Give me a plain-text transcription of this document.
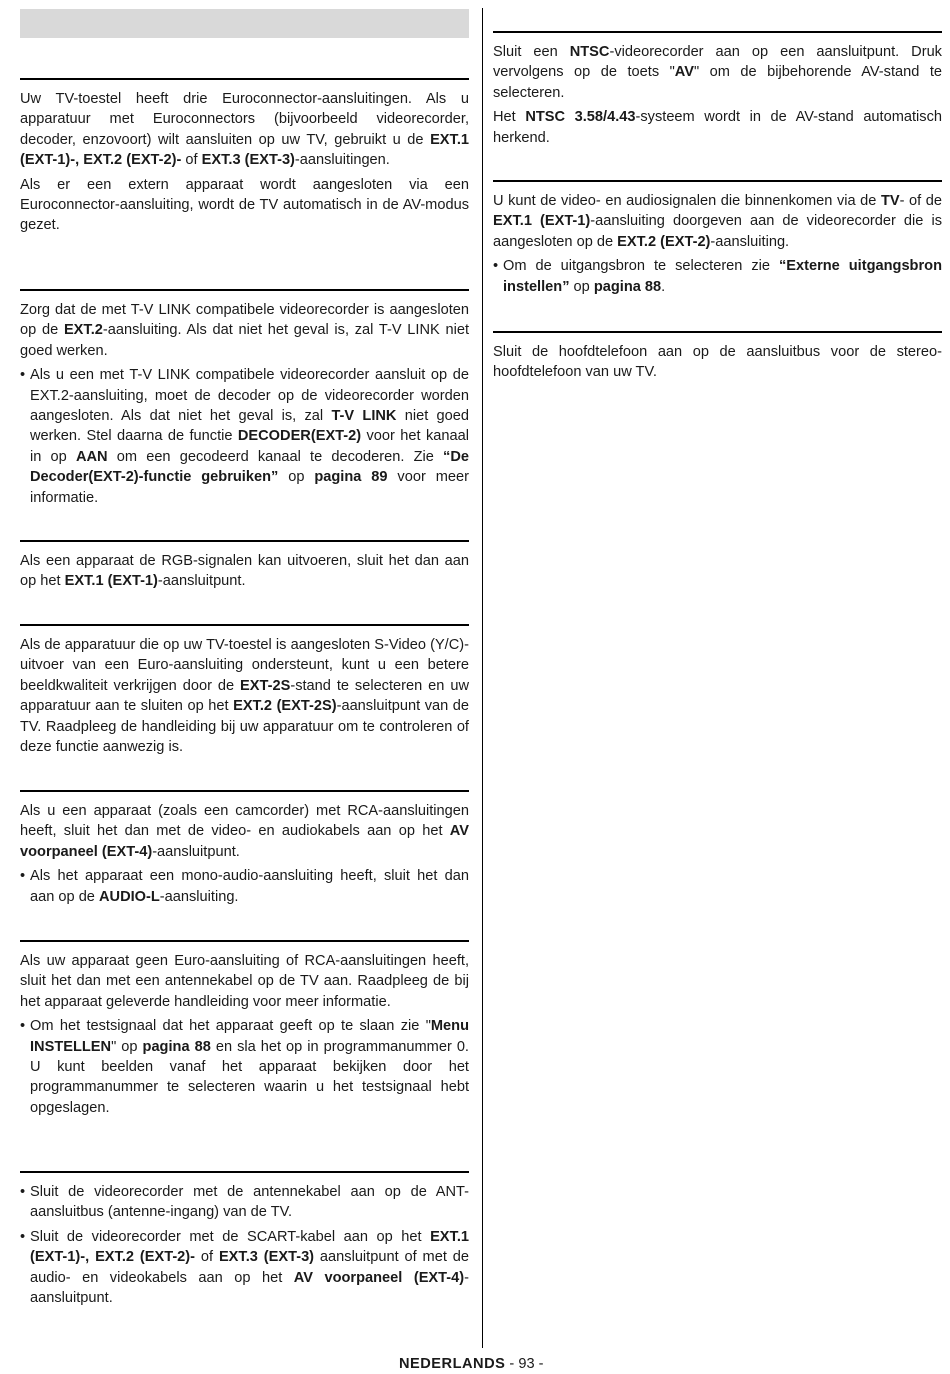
Uw TV-toestel heeft drie Euroconnector-aansluitingen. Als u apparatuur met Euroconnectors (bijvoorbeeld videorecorder, decoder, enzovoort) wilt aansluiten op uw TV, gebruikt u de EXT.1 (EXT-1)-, EXT.2 (EXT-2)- of EXT.3 (EXT-3)-aansluitingen.

Als er een extern apparaat wordt aangesloten via een Euroconnector-aansluiting, wordt de TV automatisch in de AV-modus gezet.

Zorg dat de met T-V LINK compatibele videorecorder is aangesloten op de EXT.2-aansluiting. Als dat niet het geval is, zal T-V LINK niet goed werken.

• Als u een met T-V LINK compatibele videorecorder aansluit op de EXT.2-aansluiting, moet de decoder op de videorecorder worden aangesloten. Als dat niet het geval is, zal T-V LINK niet goed werken. Stel daarna de functie DECODER(EXT-2) voor het kanaal in op AAN om een gecodeerd kanaal te decoderen. Zie “De Decoder(EXT-2)-functie gebruiken” op pagina 89 voor meer informatie.

Als een apparaat de RGB-signalen kan uitvoeren, sluit het dan aan op het EXT.1 (EXT-1)-aansluitpunt.

Als de apparatuur die op uw TV-toestel is aangesloten S-Video (Y/C)-uitvoer van een Euro-aansluiting ondersteunt, kunt u een betere beeldkwaliteit verkrijgen door de EXT-2S-stand te selecteren en uw apparatuur aan te sluiten op het EXT.2 (EXT-2S)-aansluitpunt van de TV. Raadpleeg de handleiding bij uw apparatuur om te controleren of deze functie aanwezig is.

Als u een apparaat (zoals een camcorder) met RCA-aansluitingen heeft, sluit het dan met de video- en audiokabels aan op het AV voorpaneel (EXT-4)-aansluitpunt.

• Als het apparaat een mono-audio-aansluiting heeft, sluit het dan aan op de AUDIO-L-aansluiting.

Als uw apparaat geen Euro-aansluiting of RCA-aansluitingen heeft, sluit het dan met een antennekabel op de TV aan. Raadpleeg de bij het apparaat geleverde handleiding voor meer informatie.

• Om het testsignaal dat het apparaat geeft op te slaan zie "Menu INSTELLEN" op pagina 88 en sla het op in programmanummer 0. U kunt beelden vanaf het apparaat bekijken door het programmanummer te selecteren waarin u het testsignaal hebt opgeslagen.
• Sluit de videorecorder met de antennekabel aan op de ANT-aansluitbus (antenne-ingang) van de TV.
• Sluit de videorecorder met de SCART-kabel aan op het EXT.1 (EXT-1)-, EXT.2 (EXT-2)- of EXT.3 (EXT-3) aansluitpunt of met de audio- en videokabels aan op het AV voorpaneel (EXT-4)-aansluitpunt.

Sluit een NTSC-videorecorder aan op een aansluitpunt. Druk vervolgens op de toets "AV" om de bijbehorende AV-stand te selecteren.

Het NTSC 3.58/4.43-systeem wordt in de AV-stand automatisch herkend.

U kunt de video- en audiosignalen die binnenkomen via de TV- of de EXT.1 (EXT-1)-aansluiting doorgeven aan de videorecorder die is aangesloten op de EXT.2 (EXT-2)-aansluiting.

• Om de uitgangsbron te selecteren zie “Externe uitgangsbron instellen” op pagina 88.

Sluit de hoofdtelefoon aan op de aansluitbus voor de stereo-hoofdtelefoon van uw TV.

NEDERLANDS - 93 -
